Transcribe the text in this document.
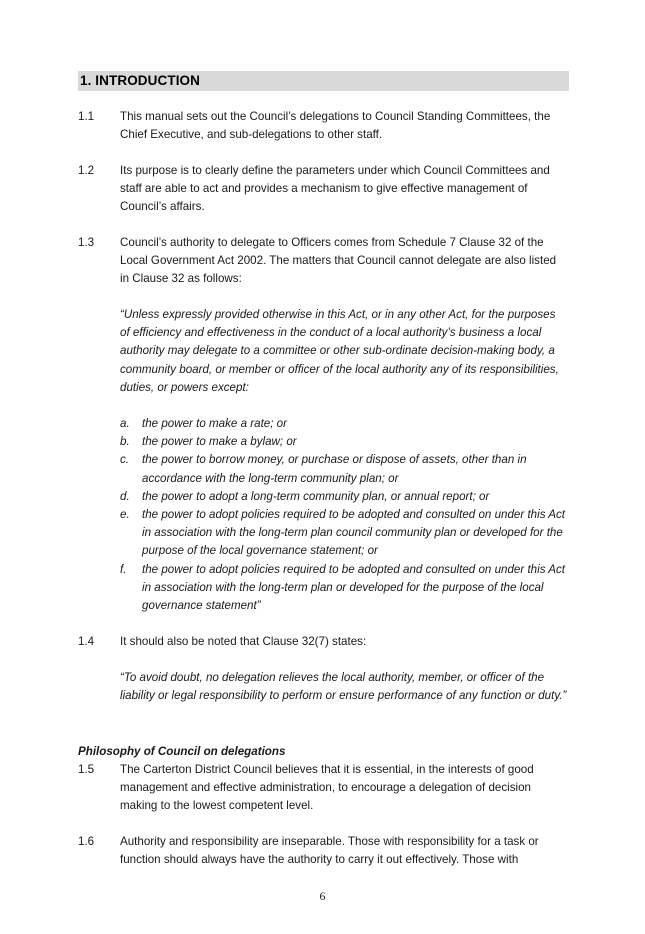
1. INTRODUCTION
1.1 This manual sets out the Council’s delegations to Council Standing Committees, the Chief Executive, and sub-delegations to other staff.
1.2 Its purpose is to clearly define the parameters under which Council Committees and staff are able to act and provides a mechanism to give effective management of Council’s affairs.
1.3 Council’s authority to delegate to Officers comes from Schedule 7 Clause 32 of the Local Government Act 2002. The matters that Council cannot delegate are also listed in Clause 32 as follows:
“Unless expressly provided otherwise in this Act, or in any other Act, for the purposes of efficiency and effectiveness in the conduct of a local authority’s business a local authority may delegate to a committee or other sub-ordinate decision-making body, a community board, or member or officer of the local authority any of its responsibilities, duties, or powers except:
a. the power to make a rate; or
b. the power to make a bylaw; or
c. the power to borrow money, or purchase or dispose of assets, other than in accordance with the long-term community plan; or
d. the power to adopt a long-term community plan, or annual report; or
e. the power to adopt policies required to be adopted and consulted on under this Act in association with the long-term plan council community plan or developed for the purpose of the local governance statement; or
f. the power to adopt policies required to be adopted and consulted on under this Act in association with the long-term plan or developed for the purpose of the local governance statement”
1.4 It should also be noted that Clause 32(7) states:
“To avoid doubt, no delegation relieves the local authority, member, or officer of the liability or legal responsibility to perform or ensure performance of any function or duty.”
Philosophy of Council on delegations
1.5 The Carterton District Council believes that it is essential, in the interests of good management and effective administration, to encourage a delegation of decision making to the lowest competent level.
1.6 Authority and responsibility are inseparable. Those with responsibility for a task or function should always have the authority to carry it out effectively. Those with
6
